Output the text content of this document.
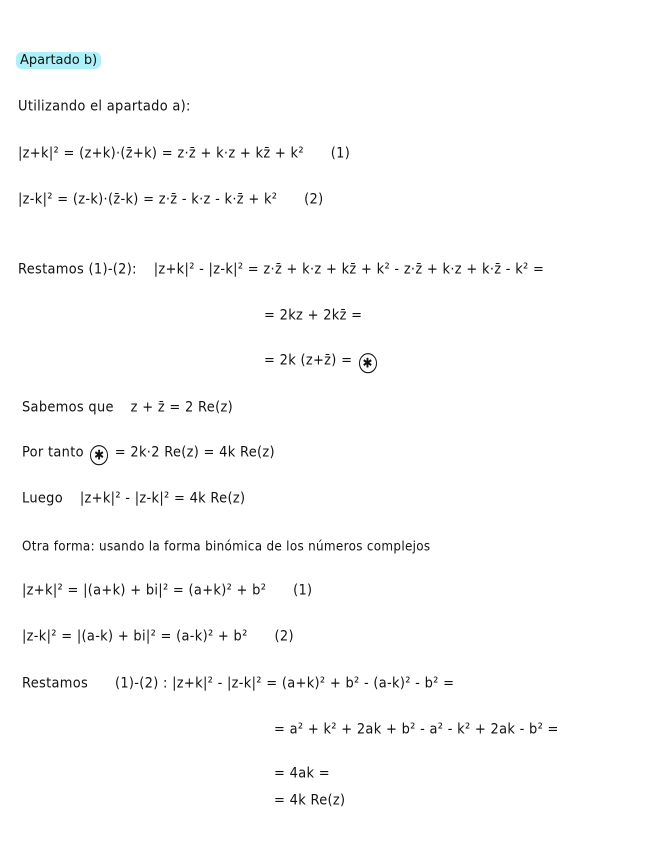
Apartado b)
Utilizando el apartado a):
|z+k|² = (z+k)·(z̄+k) = z·z̄ + k·z + kz̄ + k² (1)
|z-k|² = (z-k)·(z̄-k) = z·z̄ - k·z - k·z̄ + k² (2)
Restamos (1)-(2): |z+k|² - |z-k|² = z·z̄ + k·z + kz̄ + k² - z·z̄ + k·z + k·z̄ - k² =
= 2kz + 2kz̄ =
= 2k (z+z̄) = ✱
Sabemos que z + z̄ = 2 Re(z)
Por tanto ✱ = 2k·2 Re(z) = 4k Re(z)
Luego |z+k|² - |z-k|² = 4k Re(z)
Otra forma: usando la forma binómica de los números complejos
|z+k|² = |(a+k) + bi|² = (a+k)² + b² (1)
|z-k|² = |(a-k) + bi|² = (a-k)² + b² (2)
Restamos (1)-(2) : |z+k|² - |z-k|² = (a+k)² + b² - (a-k)² - b² =
= a² + k² + 2ak + b² - a² - k² + 2ak - b² =
= 4ak =
= 4k Re(z)
